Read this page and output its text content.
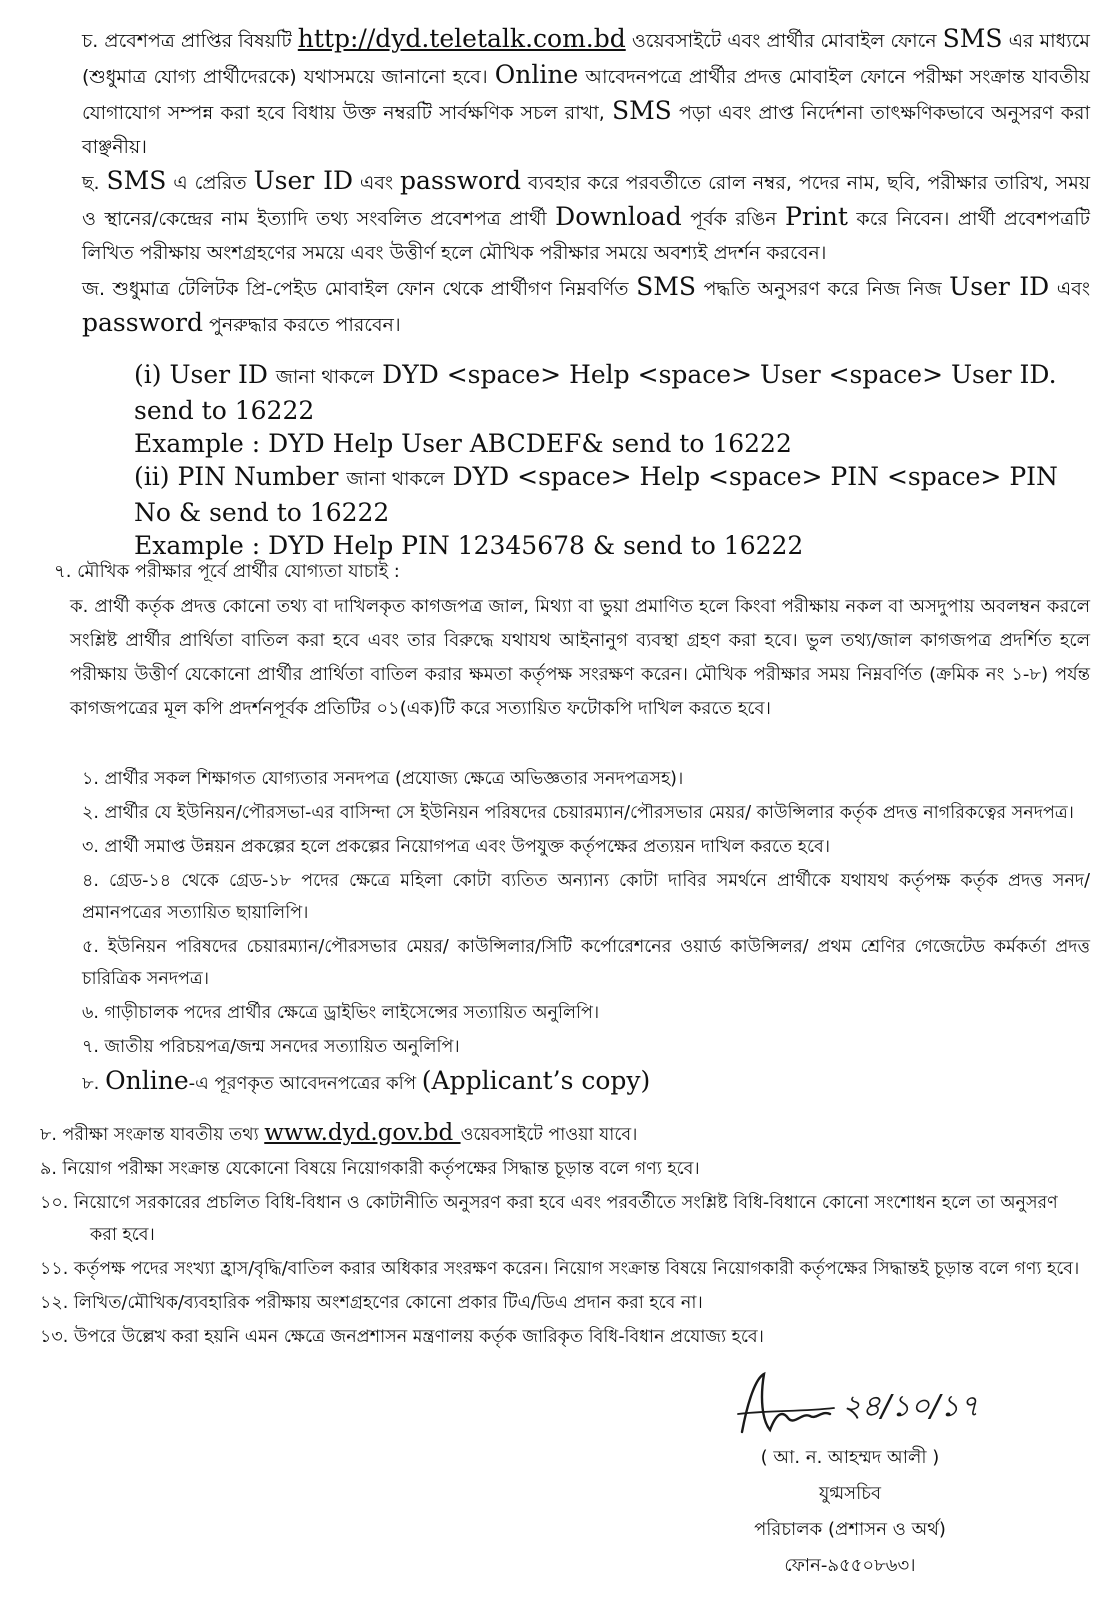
চ. প্রবেশপত্র প্রাপ্তির বিষয়টি http://dyd.teletalk.com.bd ওয়েবসাইটে এবং প্রার্থীর মোবাইল ফোনে SMS এর মাধ্যমে (শুধুমাত্র যোগ্য প্রার্থীদেরকে) যথাসময়ে জানানো হবে। Online আবেদনপত্রে প্রার্থীর প্রদত্ত মোবাইল ফোনে পরীক্ষা সংক্রান্ত যাবতীয় যোগাযোগ সম্পন্ন করা হবে বিধায় উক্ত নম্বরটি সার্বক্ষণিক সচল রাখা, SMS পড়া এবং প্রাপ্ত নির্দেশনা তাৎক্ষণিকভাবে অনুসরণ করা বাঞ্ছনীয়।

ছ. SMS এ প্রেরিত User ID এবং password ব্যবহার করে পরবর্তীতে রোল নম্বর, পদের নাম, ছবি, পরীক্ষার তারিখ, সময় ও স্থানের/কেন্দ্রের নাম ইত্যাদি তথ্য সংবলিত প্রবেশপত্র প্রার্থী Download পূর্বক রঙিন Print করে নিবেন। প্রার্থী প্রবেশপত্রটি লিখিত পরীক্ষায় অংশগ্রহণের সময়ে এবং উত্তীর্ণ হলে মৌখিক পরীক্ষার সময়ে অবশ্যই প্রদর্শন করবেন।

জ. শুধুমাত্র টেলিটক প্রি-পেইড মোবাইল ফোন থেকে প্রার্থীগণ নিম্নবর্ণিত SMS পদ্ধতি অনুসরণ করে নিজ নিজ User ID এবং password পুনরুদ্ধার করতে পারবেন।

(i) User ID জানা থাকলে DYD <space> Help <space> User <space> User ID. send to 16222

Example : DYD Help User ABCDEF& send to 16222

(ii) PIN Number জানা থাকলে DYD <space> Help <space> PIN <space> PIN No & send to 16222

Example : DYD Help PIN 12345678 & send to 16222

৭. মৌখিক পরীক্ষার পূর্বে প্রার্থীর যোগ্যতা যাচাই :

ক. প্রার্থী কর্তৃক প্রদত্ত কোনো তথ্য বা দাখিলকৃত কাগজপত্র জাল, মিথ্যা বা ভুয়া প্রমাণিত হলে কিংবা পরীক্ষায় নকল বা অসদুপায় অবলম্বন করলে সংশ্লিষ্ট প্রার্থীর প্রার্থিতা বাতিল করা হবে এবং তার বিরুদ্ধে যথাযথ আইনানুগ ব্যবস্থা গ্রহণ করা হবে। ভুল তথ্য/জাল কাগজপত্র প্রদর্শিত হলে পরীক্ষায় উত্তীর্ণ যেকোনো প্রার্থীর প্রার্থিতা বাতিল করার ক্ষমতা কর্তৃপক্ষ সংরক্ষণ করেন। মৌখিক পরীক্ষার সময় নিম্নবর্ণিত (ক্রমিক নং ১-৮) পর্যন্ত কাগজপত্রের মূল কপি প্রদর্শনপূর্বক প্রতিটির ০১(এক)টি করে সত্যায়িত ফটোকপি দাখিল করতে হবে।

১. প্রার্থীর সকল শিক্ষাগত যোগ্যতার সনদপত্র (প্রযোজ্য ক্ষেত্রে অভিজ্ঞতার সনদপত্রসহ)।
২. প্রার্থীর যে ইউনিয়ন/পৌরসভা-এর বাসিন্দা সে ইউনিয়ন পরিষদের চেয়ারম্যান/পৌরসভার মেয়র/ কাউন্সিলার কর্তৃক প্রদত্ত নাগরিকত্বের সনদপত্র।
৩. প্রার্থী সমাপ্ত উন্নয়ন প্রকল্পের হলে প্রকল্পের নিয়োগপত্র এবং উপযুক্ত কর্তৃপক্ষের প্রত্যয়ন দাখিল করতে হবে।
৪. গ্রেড-১৪ থেকে গ্রেড-১৮ পদের ক্ষেত্রে মহিলা কোটা ব্যতিত অন্যান্য কোটা দাবির সমর্থনে প্রার্থীকে যথাযথ কর্তৃপক্ষ কর্তৃক প্রদত্ত সনদ/ প্রমানপত্রের সত্যায়িত ছায়ালিপি।
৫. ইউনিয়ন পরিষদের চেয়ারম্যান/পৌরসভার মেয়র/ কাউন্সিলার/সিটি কর্পোরেশনের ওয়ার্ড কাউন্সিলর/ প্রথম শ্রেণির গেজেটেড কর্মকর্তা প্রদত্ত চারিত্রিক সনদপত্র।
৬. গাড়ীচালক পদের প্রার্থীর ক্ষেত্রে ড্রাইভিং লাইসেন্সের সত্যায়িত অনুলিপি।
৭. জাতীয় পরিচয়পত্র/জন্ম সনদের সত্যায়িত অনুলিপি।
৮. Online-এ পূরণকৃত আবেদনপত্রের কপি (Applicant’s copy)
৮. পরীক্ষা সংক্রান্ত যাবতীয় তথ্য www.dyd.gov.bd ওয়েবসাইটে পাওয়া যাবে।
৯. নিয়োগ পরীক্ষা সংক্রান্ত যেকোনো বিষয়ে নিয়োগকারী কর্তৃপক্ষের সিদ্ধান্ত চূড়ান্ত বলে গণ্য হবে।
১০. নিয়োগে সরকারের প্রচলিত বিধি-বিধান ও কোটানীতি অনুসরণ করা হবে এবং পরবর্তীতে সংশ্লিষ্ট বিধি-বিধানে কোনো সংশোধন হলে তা অনুসরণ করা হবে।
১১. কর্তৃপক্ষ পদের সংখ্যা হ্রাস/বৃদ্ধি/বাতিল করার অধিকার সংরক্ষণ করেন। নিয়োগ সংক্রান্ত বিষয়ে নিয়োগকারী কর্তৃপক্ষের সিদ্ধান্তই চূড়ান্ত বলে গণ্য হবে।
১২. লিখিত/মৌখিক/ব্যবহারিক পরীক্ষায় অংশগ্রহণের কোনো প্রকার টিএ/ডিএ প্রদান করা হবে না।
১৩. উপরে উল্লেখ করা হয়নি এমন ক্ষেত্রে জনপ্রশাসন মন্ত্রণালয় কর্তৃক জারিকৃত বিধি-বিধান প্রযোজ্য হবে।
২৪/১০/১৭

( আ. ন. আহম্মদ আলী )

যুগ্মসচিব

পরিচালক (প্রশাসন ও অর্থ)

ফোন-৯৫৫০৮৬৩।
